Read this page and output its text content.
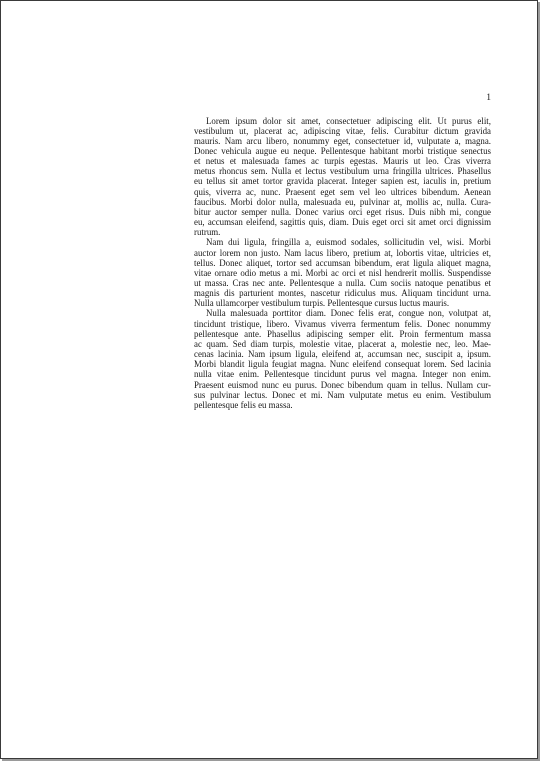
1
Lorem ipsum dolor sit amet, consectetuer adipiscing elit. Ut purus elit,
vestibulum ut, placerat ac, adipiscing vitae, felis. Curabitur dictum gravida
mauris. Nam arcu libero, nonummy eget, consectetuer id, vulputate a, magna.
Donec vehicula augue eu neque. Pellentesque habitant morbi tristique senectus
et netus et malesuada fames ac turpis egestas. Mauris ut leo. Cras viverra
metus rhoncus sem. Nulla et lectus vestibulum urna fringilla ultrices. Phasellus
eu tellus sit amet tortor gravida placerat. Integer sapien est, iaculis in, pretium
quis, viverra ac, nunc. Praesent eget sem vel leo ultrices bibendum. Aenean
faucibus. Morbi dolor nulla, malesuada eu, pulvinar at, mollis ac, nulla. Cura-
bitur auctor semper nulla. Donec varius orci eget risus. Duis nibh mi, congue
eu, accumsan eleifend, sagittis quis, diam. Duis eget orci sit amet orci dignissim
rutrum.
Nam dui ligula, fringilla a, euismod sodales, sollicitudin vel, wisi. Morbi
auctor lorem non justo. Nam lacus libero, pretium at, lobortis vitae, ultricies et,
tellus. Donec aliquet, tortor sed accumsan bibendum, erat ligula aliquet magna,
vitae ornare odio metus a mi. Morbi ac orci et nisl hendrerit mollis. Suspendisse
ut massa. Cras nec ante. Pellentesque a nulla. Cum sociis natoque penatibus et
magnis dis parturient montes, nascetur ridiculus mus. Aliquam tincidunt urna.
Nulla ullamcorper vestibulum turpis. Pellentesque cursus luctus mauris.
Nulla malesuada porttitor diam. Donec felis erat, congue non, volutpat at,
tincidunt tristique, libero. Vivamus viverra fermentum felis. Donec nonummy
pellentesque ante. Phasellus adipiscing semper elit. Proin fermentum massa
ac quam. Sed diam turpis, molestie vitae, placerat a, molestie nec, leo. Mae-
cenas lacinia. Nam ipsum ligula, eleifend at, accumsan nec, suscipit a, ipsum.
Morbi blandit ligula feugiat magna. Nunc eleifend consequat lorem. Sed lacinia
nulla vitae enim. Pellentesque tincidunt purus vel magna. Integer non enim.
Praesent euismod nunc eu purus. Donec bibendum quam in tellus. Nullam cur-
sus pulvinar lectus. Donec et mi. Nam vulputate metus eu enim. Vestibulum
pellentesque felis eu massa.
